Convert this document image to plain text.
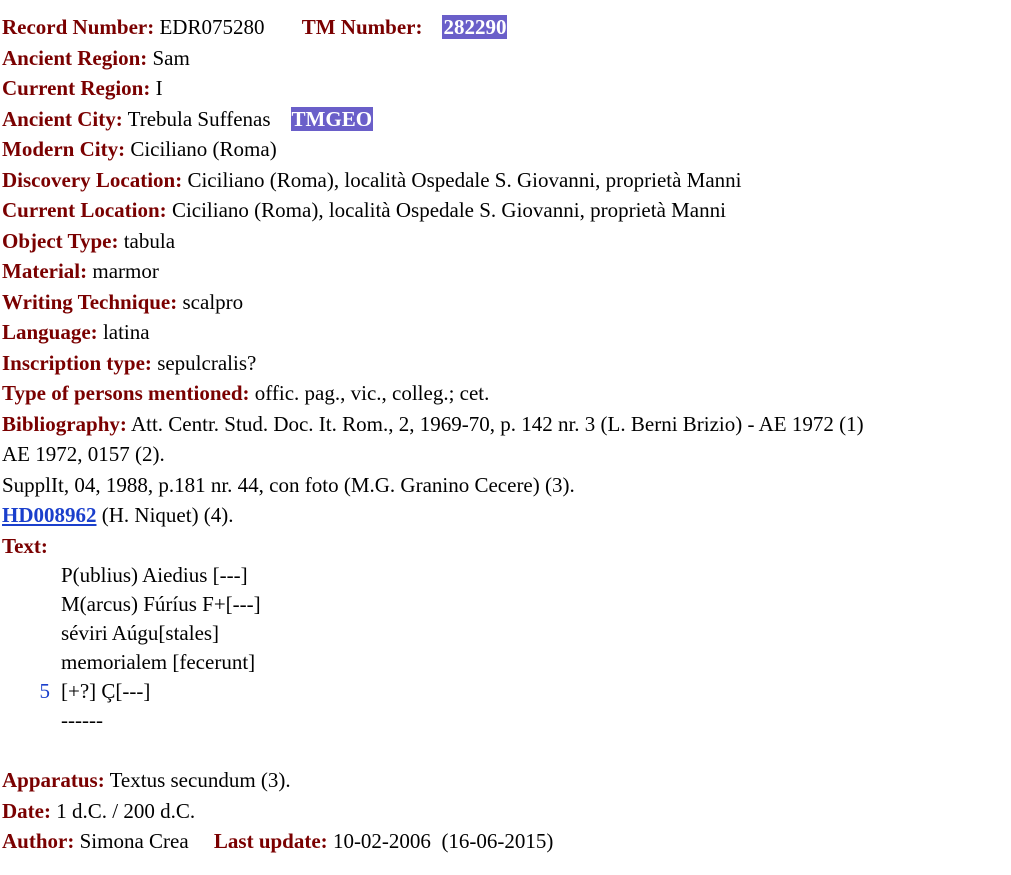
Record Number: EDR075280 TM Number: 282290
Ancient Region: Sam
Current Region: I
Ancient City: Trebula Suffenas TMGEO
Modern City: Ciciliano (Roma)
Discovery Location: Ciciliano (Roma), località Ospedale S. Giovanni, proprietà Manni
Current Location: Ciciliano (Roma), località Ospedale S. Giovanni, proprietà Manni
Object Type: tabula
Material: marmor
Writing Technique: scalpro
Language: latina
Inscription type: sepulcralis?
Type of persons mentioned: offic. pag., vic., colleg.; cet.
Bibliography: Att. Centr. Stud. Doc. It. Rom., 2, 1969-70, p. 142 nr. 3 (L. Berni Brizio) - AE 1972 (1)
AE 1972, 0157 (2).
SupplIt, 04, 1988, p.181 nr. 44, con foto (M.G. Granino Cecere) (3).
HD008962 (H. Niquet) (4).
Text:
P(ublius) Aiedius [---]
M(arcus) Fúríus F+[---]
séviri Aúgu[stales]
memorialem [fecerunt]
5 [+?] Ç[---]
------
Apparatus: Textus secundum (3).
Date: 1 d.C. / 200 d.C.
Author: Simona Crea Last update: 10-02-2006 (16-06-2015)
